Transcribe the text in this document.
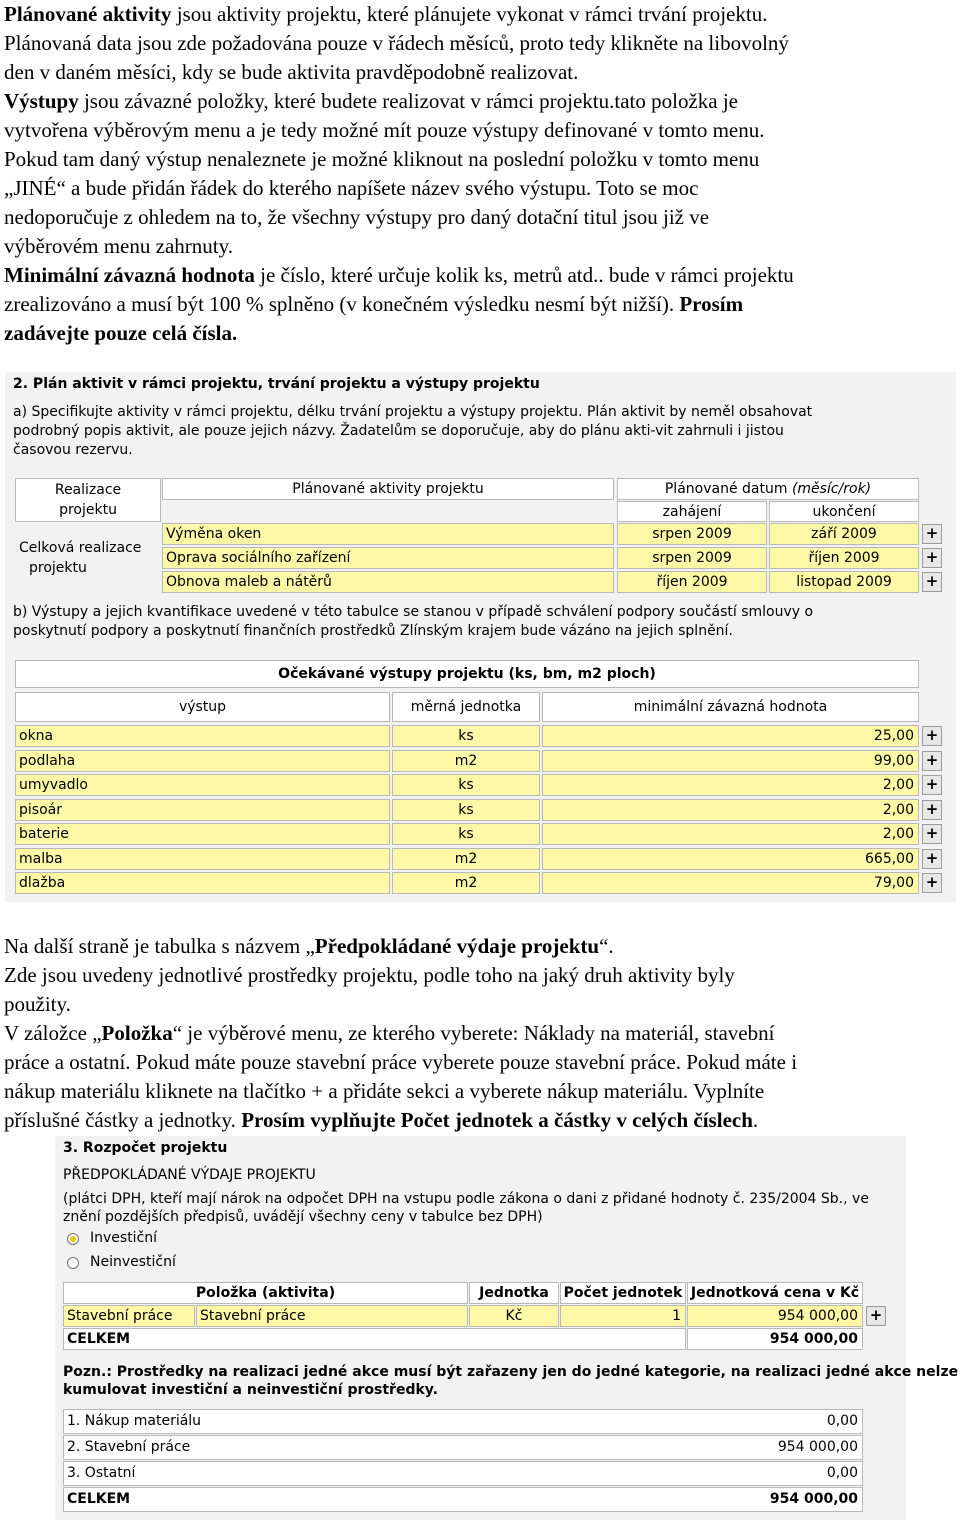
Plánované aktivity jsou aktivity projektu, které plánujete vykonat v rámci trvání projektu.
Plánovaná data jsou zde požadována pouze v řádech měsíců, proto tedy klikněte na libovolný
den v daném měsíci, kdy se bude aktivita pravděpodobně realizovat.
Výstupy jsou závazné položky, které budete realizovat v rámci projektu.tato položka je
vytvořena výběrovým menu a je tedy možné mít pouze výstupy definované v tomto menu.
Pokud tam daný výstup nenaleznete je možné kliknout na poslední položku v tomto menu
„JINÉ“ a bude přidán řádek do kterého napíšete název svého výstupu. Toto se moc
nedoporučuje z ohledem na to, že všechny výstupy pro daný dotační titul jsou již ve
výběrovém menu zahrnuty.
Minimální závazná hodnota je číslo, které určuje kolik ks, metrů atd.. bude v rámci projektu
zrealizováno a musí být 100 % splněno (v konečném výsledku nesmí být nižší). Prosím
zadávejte pouze celá čísla.
2. Plán aktivit v rámci projektu, trvání projektu a výstupy projektu
a) Specifikujte aktivity v rámci projektu, délku trvání projektu a výstupy projektu. Plán aktivit by neměl obsahovat
podrobný popis aktivit, ale pouze jejich názvy. Žadatelům se doporučuje, aby do plánu akti-vit zahrnuli i jistou
časovou rezervu.
Realizace
projektu
Plánované aktivity projektu	Plánované datum (měsíc/rok)
zahájení	ukončení
Celková realizace
projektu
Výměna oken	srpen 2009	září 2009	+
Oprava sociálního zařízení	srpen 2009	říjen 2009	+
Obnova maleb a nátěrů	říjen 2009	listopad 2009	+
b) Výstupy a jejich kvantifikace uvedené v této tabulce se stanou v případě schválení podpory součástí smlouvy o
poskytnutí podpory a poskytnutí finančních prostředků Zlínským krajem bude vázáno na jejich splnění.
Očekávané výstupy projektu (ks, bm, m2 ploch)
výstup	měrná jednotka	minimální závazná hodnota
okna	ks	25,00 +
podlaha	m2	99,00 +
umyvadlo	ks	2,00 +
pisoár	ks	2,00 +
baterie	ks	2,00 +
malba	m2	665,00 +
dlažba	m2	79,00 +
Na další straně je tabulka s názvem „Předpokládané výdaje projektu“.
Zde jsou uvedeny jednotlivé prostředky projektu, podle toho na jaký druh aktivity byly
použity.
V záložce „Položka“ je výběrové menu, ze kterého vyberete: Náklady na materiál, stavební
práce a ostatní. Pokud máte pouze stavební práce vyberete pouze stavební práce. Pokud máte i
nákup materiálu kliknete na tlačítko + a přidáte sekci a vyberete nákup materiálu. Vyplníte
příslušné částky a jednotky. Prosím vyplňujte Počet jednotek a částky v celých číslech.
3. Rozpočet projektu
PŘEDPOKLÁDANÉ VÝDAJE PROJEKTU
(plátci DPH, kteří mají nárok na odpočet DPH na vstupu podle zákona o dani z přidané hodnoty č. 235/2004 Sb., ve
znění pozdějších předpisů, uvádějí všechny ceny v tabulce bez DPH)
Investiční
Neinvestiční
Položka (aktivita)	Jednotka	Počet jednotek Jednotková cena v Kč
Stavební práce	Stavební práce	Kč	1	954 000,00 +
CELKEM	954 000,00
Pozn.: Prostředky na realizaci jedné akce musí být zařazeny jen do jedné kategorie, na realizaci jedné akce nelze
kumulovat investiční a neinvestiční prostředky.
1. Nákup materiálu	0,00
2. Stavební práce	954 000,00
3. Ostatní	0,00
CELKEM	954 000,00
